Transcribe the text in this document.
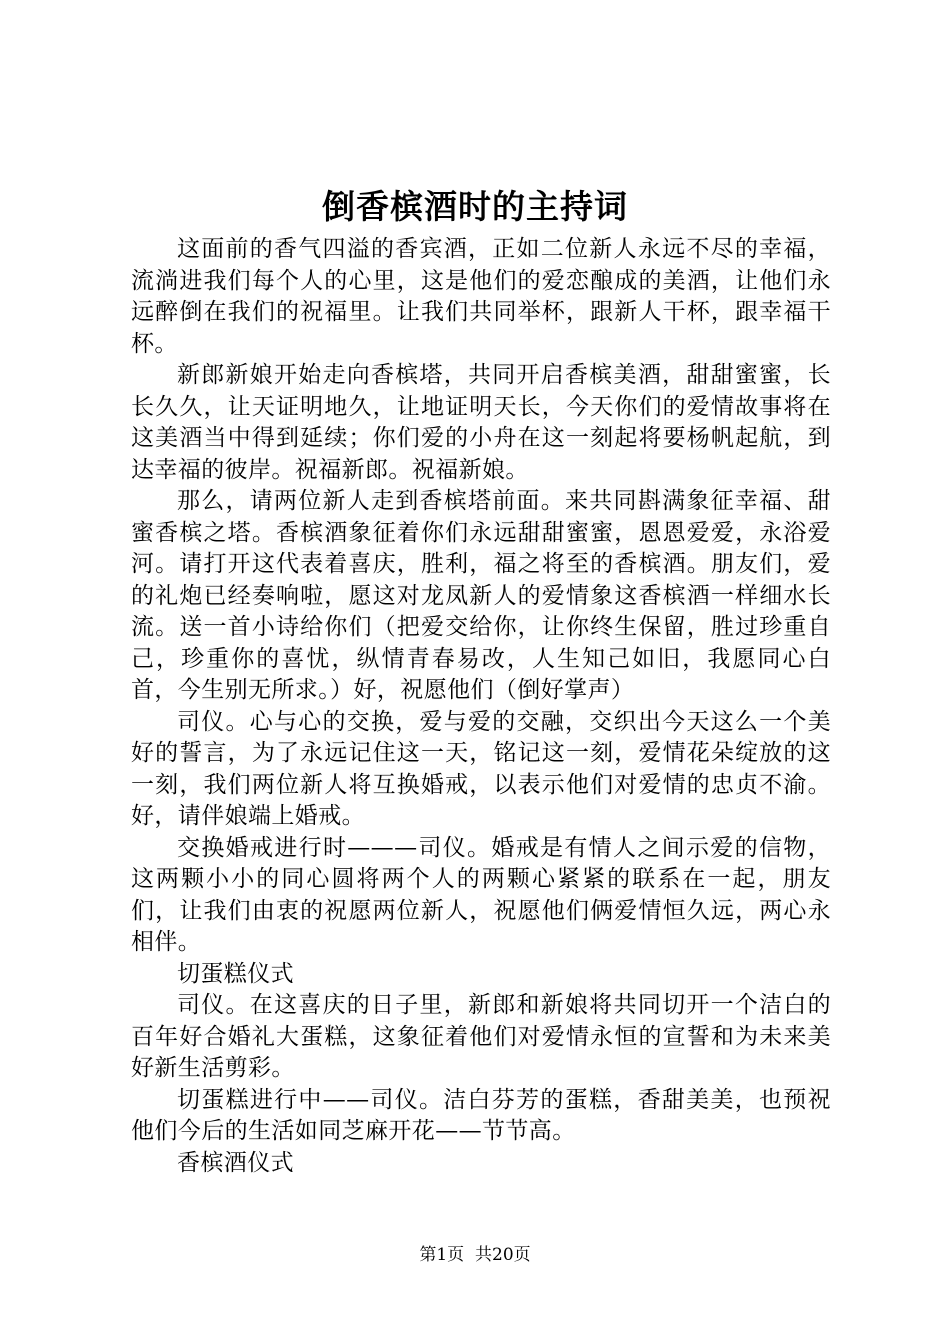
倒香槟酒时的主持词

这面前的香气四溢的香宾酒，正如二位新人永远不尽的幸福，流淌进我们每个人的心里，这是他们的爱恋酿成的美酒，让他们永远醉倒在我们的祝福里。让我们共同举杯，跟新人干杯，跟幸福干杯。

新郎新娘开始走向香槟塔，共同开启香槟美酒，甜甜蜜蜜，长长久久，让天证明地久，让地证明天长，今天你们的爱情故事将在这美酒当中得到延续；你们爱的小舟在这一刻起将要杨帆起航，到达幸福的彼岸。祝福新郎。祝福新娘。

那么，请两位新人走到香槟塔前面。来共同斟满象征幸福、甜蜜香槟之塔。香槟酒象征着你们永远甜甜蜜蜜，恩恩爱爱，永浴爱河。请打开这代表着喜庆，胜利，福之将至的香槟酒。朋友们，爱的礼炮已经奏响啦，愿这对龙凤新人的爱情象这香槟酒一样细水长流。送一首小诗给你们（把爱交给你，让你终生保留，胜过珍重自己，珍重你的喜忧，纵情青春易改，人生知己如旧，我愿同心白首，今生别无所求。）好，祝愿他们（倒好掌声）

司仪。心与心的交换，爱与爱的交融，交织出今天这么一个美好的誓言，为了永远记住这一天，铭记这一刻，爱情花朵绽放的这一刻，我们两位新人将互换婚戒，以表示他们对爱情的忠贞不渝。好，请伴娘端上婚戒。

交换婚戒进行时———司仪。婚戒是有情人之间示爱的信物，这两颗小小的同心圆将两个人的两颗心紧紧的联系在一起，朋友们，让我们由衷的祝愿两位新人，祝愿他们俩爱情恒久远，两心永相伴。

切蛋糕仪式

司仪。在这喜庆的日子里，新郎和新娘将共同切开一个洁白的百年好合婚礼大蛋糕，这象征着他们对爱情永恒的宣誓和为未来美好新生活剪彩。

切蛋糕进行中——司仪。洁白芬芳的蛋糕，香甜美美，也预祝他们今后的生活如同芝麻开花——节节高。

香槟酒仪式

第1页 共20页
